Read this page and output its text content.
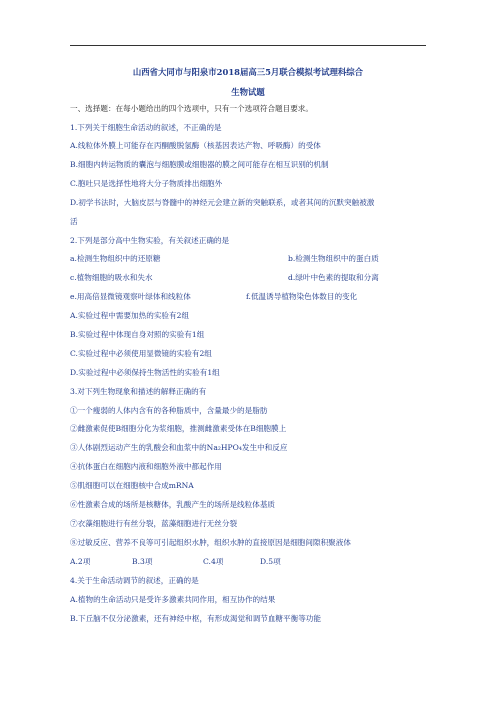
山西省大同市与阳泉市2018届高三5月联合模拟考试理科综合
生物试题
一、选择题：在每小题给出的四个选项中，只有一个选项符合题目要求。
1.下列关于细胞生命活动的叙述，不正确的是
A.线粒体外膜上可能存在丙酮酸脱氢酶（核基因表达产物、呼吸酶）的受体
B.细胞内转运物质的囊泡与细胞膜或细胞器的膜之间可能存在相互识别的机制
C.胞吐只是选择性地将大分子物质排出细胞外
D.初学书法时，大脑皮层与脊髓中的神经元会建立新的突触联系，或者其间的沉默突触被激
活
2.下列是部分高中生物实验，有关叙述正确的是
a.检测生物组织中的还原糖	b.检测生物组织中的蛋白质
c.植物细胞的吸水和失水	d.绿叶中色素的提取和分离
e.用高倍显微镜观察叶绿体和线粒体	f.低温诱导植物染色体数目的变化
A.实验过程中需要加热的实验有2组
B.实验过程中体现自身对照的实验有1组
C.实验过程中必须使用显微镜的实验有2组
D.实验过程中必须保持生物活性的实验有1组
3.对下列生物现象和描述的解释正确的有
①一个瘦弱的人体内含有的各种脂质中，含量最少的是脂肪
②雌激素促使B细胞分化为浆细胞，推测雌激素受体在B细胞膜上
③人体剧烈运动产生的乳酸会和血浆中的Na₂HPO₄发生中和反应
④抗体蛋白在细胞内液和细胞外液中都起作用
⑤肌细胞可以在细胞核中合成mRNA
⑥性激素合成的场所是核糖体，乳酸产生的场所是线粒体基质
⑦衣藻细胞进行有丝分裂，蓝藻细胞进行无丝分裂
⑧过敏反应、营养不良等可引起组织水肿，组织水肿的直接原因是细胞间隙积聚液体
A.2项	B.3项	C.4项	D.5项
4.关于生命活动调节的叙述，正确的是
A.植物的生命活动只是受许多激素共同作用，相互协作的结果
B.下丘脑不仅分泌激素，还有神经中枢，有形成渴觉和调节血糖平衡等功能
